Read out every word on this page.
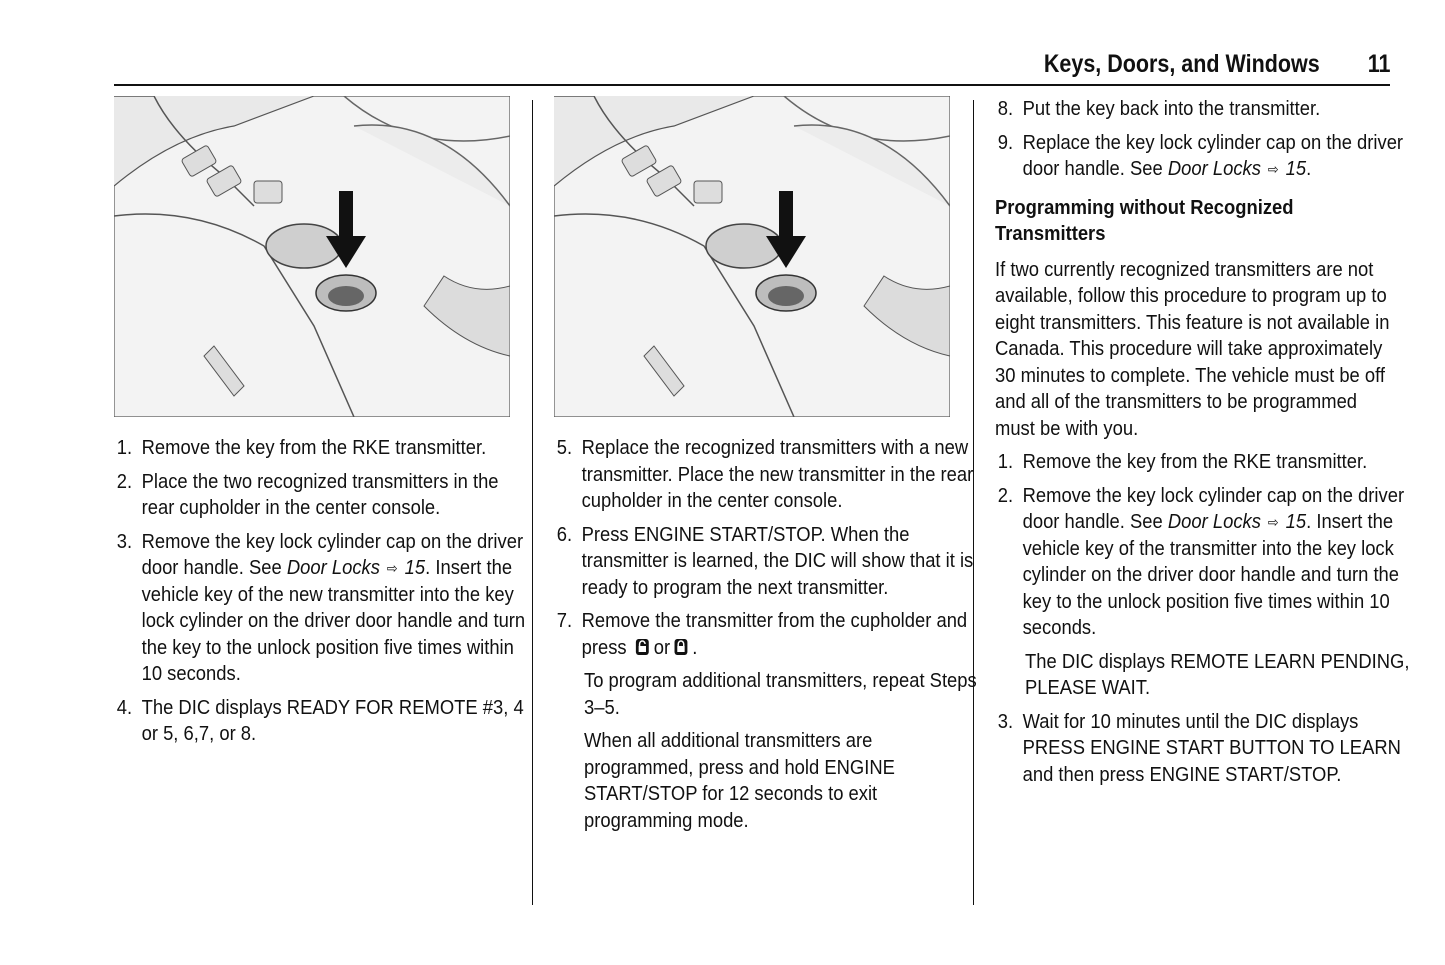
Keys, Doors, and Windows 11
1. Remove the key from the RKE transmitter.
2. Place the two recognized transmitters in the rear cupholder in the center console.
3. Remove the key lock cylinder cap on the driver door handle. See Door Locks ⇨ 15. Insert the vehicle key of the new transmitter into the key lock cylinder on the driver door handle and turn the key to the unlock position five times within 10 seconds.
4. The DIC displays READY FOR REMOTE #3, 4 or 5, 6,7, or 8.
5. Replace the recognized transmitters with a new transmitter. Place the new transmitter in the rear cupholder in the center console.
6. Press ENGINE START/STOP. When the transmitter is learned, the DIC will show that it is ready to program the next transmitter.
7. Remove the transmitter from the cupholder and press or .
To program additional transmitters, repeat Steps 3–5.
When all additional transmitters are programmed, press and hold ENGINE START/STOP for 12 seconds to exit programming mode.
8. Put the key back into the transmitter.
9. Replace the key lock cylinder cap on the driver door handle. See Door Locks ⇨ 15.
Programming without Recognized Transmitters
If two currently recognized transmitters are not available, follow this procedure to program up to eight transmitters. This feature is not available in Canada. This procedure will take approximately 30 minutes to complete. The vehicle must be off and all of the transmitters to be programmed must be with you.
1. Remove the key from the RKE transmitter.
2. Remove the key lock cylinder cap on the driver door handle. See Door Locks ⇨ 15. Insert the vehicle key of the transmitter into the key lock cylinder on the driver door handle and turn the key to the unlock position five times within 10 seconds.
The DIC displays REMOTE LEARN PENDING, PLEASE WAIT.
3. Wait for 10 minutes until the DIC displays PRESS ENGINE START BUTTON TO LEARN and then press ENGINE START/STOP.
